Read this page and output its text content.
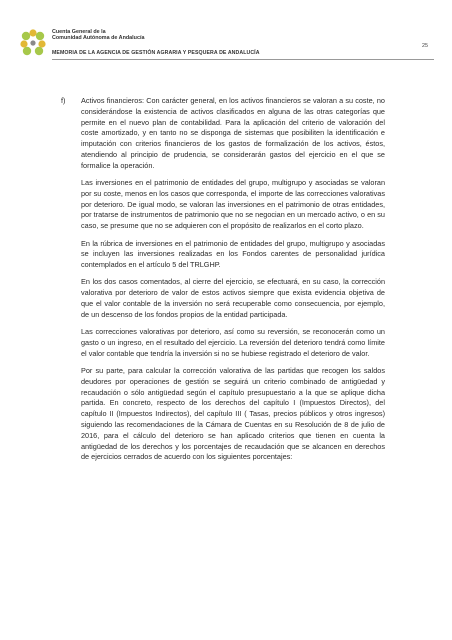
Cuenta General de la
Comunidad Autónoma de Andalucía
25
MEMORIA DE LA AGENCIA DE GESTIÓN AGRARIA Y PESQUERA DE ANDALUCÍA

f) Activos financieros: Con carácter general, en los activos financieros se valoran a su coste, no considerándose la existencia de activos clasificados en alguna de las otras categorías que permite en el nuevo plan de contabilidad. Para la aplicación del criterio de valoración del coste amortizado, y en tanto no se disponga de sistemas que posibiliten la identificación e imputación con criterios financieros de los gastos de formalización de los activos, éstos, atendiendo al principio de prudencia, se considerarán gastos del ejercicio en el que se formalice la operación.

Las inversiones en el patrimonio de entidades del grupo, multigrupo y asociadas se valoran por su coste, menos en los casos que corresponda, el importe de las correcciones valorativas por deterioro. De igual modo, se valoran las inversiones en el patrimonio de otras entidades, por tratarse de instrumentos de patrimonio que no se negocian en un mercado activo, o en su caso, se presume que no se adquieren con el propósito de realizarlos en el corto plazo.

En la rúbrica de inversiones en el patrimonio de entidades del grupo, multigrupo y asociadas se incluyen las inversiones realizadas en los Fondos carentes de personalidad jurídica contemplados en el artículo 5 del TRLGHP.

En los dos casos comentados, al cierre del ejercicio, se efectuará, en su caso, la corrección valorativa por deterioro de valor de estos activos siempre que exista evidencia objetiva de que el valor contable de la inversión no será recuperable como consecuencia, por ejemplo, de un descenso de los fondos propios de la entidad participada.

Las correcciones valorativas por deterioro, así como su reversión, se reconocerán como un gasto o un ingreso, en el resultado del ejercicio. La reversión del deterioro tendrá como límite el valor contable que tendría la inversión si no se hubiese registrado el deterioro de valor.

Por su parte, para calcular la corrección valorativa de las partidas que recogen los saldos deudores por operaciones de gestión se seguirá un criterio combinado de antigüedad y recaudación o sólo antigüedad según el capítulo presupuestario a la que se aplique dicha partida. En concreto, respecto de los derechos del capítulo I (Impuestos Directos), del capítulo II (Impuestos Indirectos), del capítulo III ( Tasas, precios públicos y otros ingresos) siguiendo las recomendaciones de la Cámara de Cuentas en su Resolución de 8 de julio de 2016, para el cálculo del deterioro se han aplicado criterios que tienen en cuenta la antigüedad de los derechos y los porcentajes de recaudación que se alcancen en derechos de ejercicios cerrados de acuerdo con los siguientes porcentajes:
